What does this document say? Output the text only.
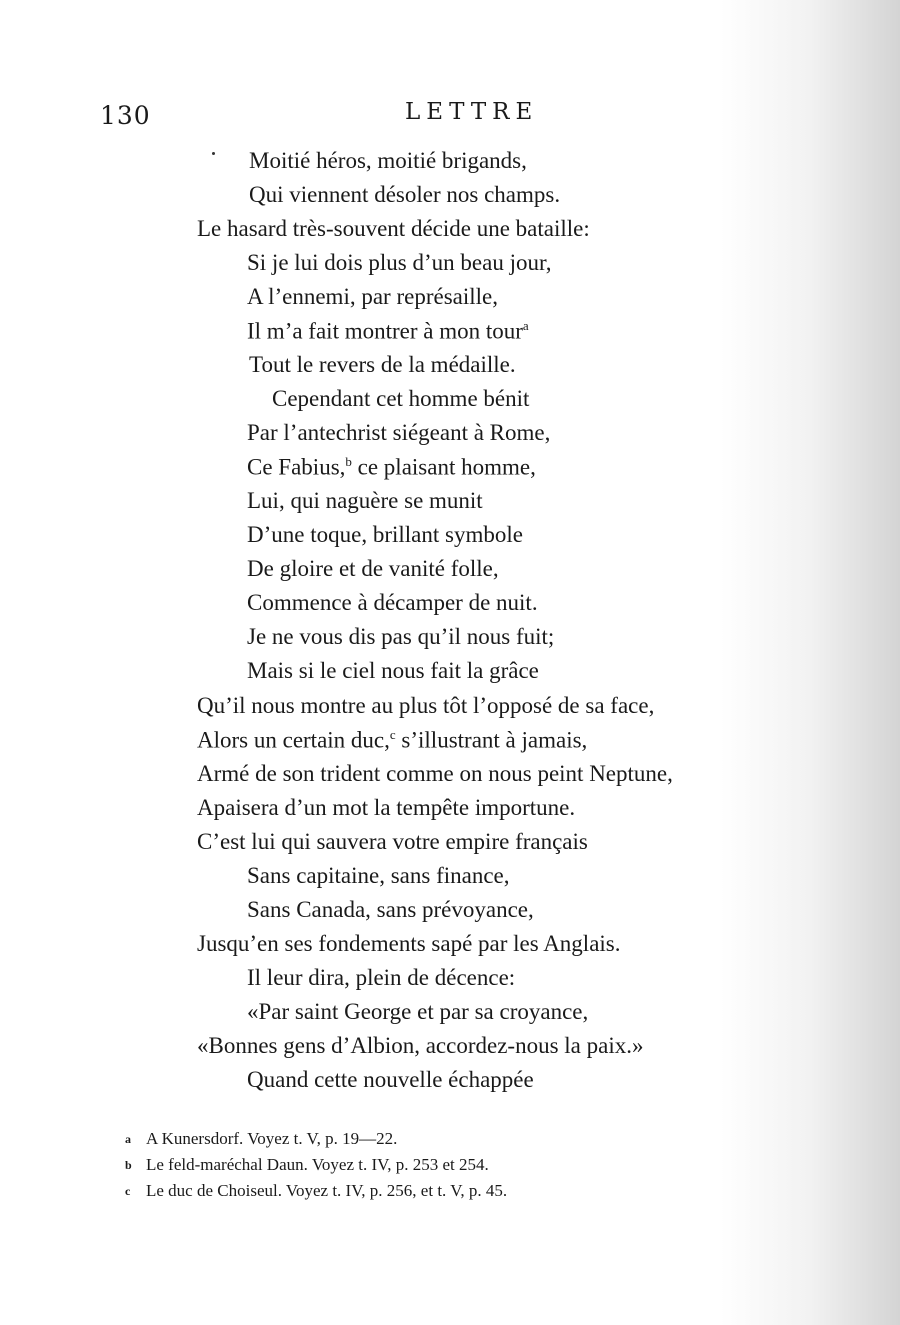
130	LETTRE
Moitié héros, moitié brigands,
Qui viennent désoler nos champs.
Le hasard très-souvent décide une bataille:
Si je lui dois plus d’un beau jour,
A l’ennemi, par représaille,
Il m’a fait montrer à mon tour$^a$
Tout le revers de la médaille.
Cependant cet homme bénit
Par l’antechrist siégeant à Rome,
Ce Fabius,$^b$ ce plaisant homme,
Lui, qui naguère se munit
D’une toque, brillant symbole
De gloire et de vanité folle,
Commence à décamper de nuit.
Je ne vous dis pas qu’il nous fuit;
Mais si le ciel nous fait la grâce
Qu’il nous montre au plus tôt l’opposé de sa face,
Alors un certain duc,$^c$ s’illustrant à jamais,
Armé de son trident comme on nous peint Neptune,
Apaisera d’un mot la tempête importune.
C’est lui qui sauvera votre empire français
Sans capitaine, sans finance,
Sans Canada, sans prévoyance,
Jusqu’en ses fondements sapé par les Anglais.
Il leur dira, plein de décence:
«Par saint George et par sa croyance,
«Bonnes gens d’Albion, accordez-nous la paix.»
Quand cette nouvelle échappée
a A Kunersdorf. Voyez t. V, p. 19—22.
b Le feld-maréchal Daun. Voyez t. IV, p. 253 et 254.
c Le duc de Choiseul. Voyez t. IV, p. 256, et t. V, p. 45.
